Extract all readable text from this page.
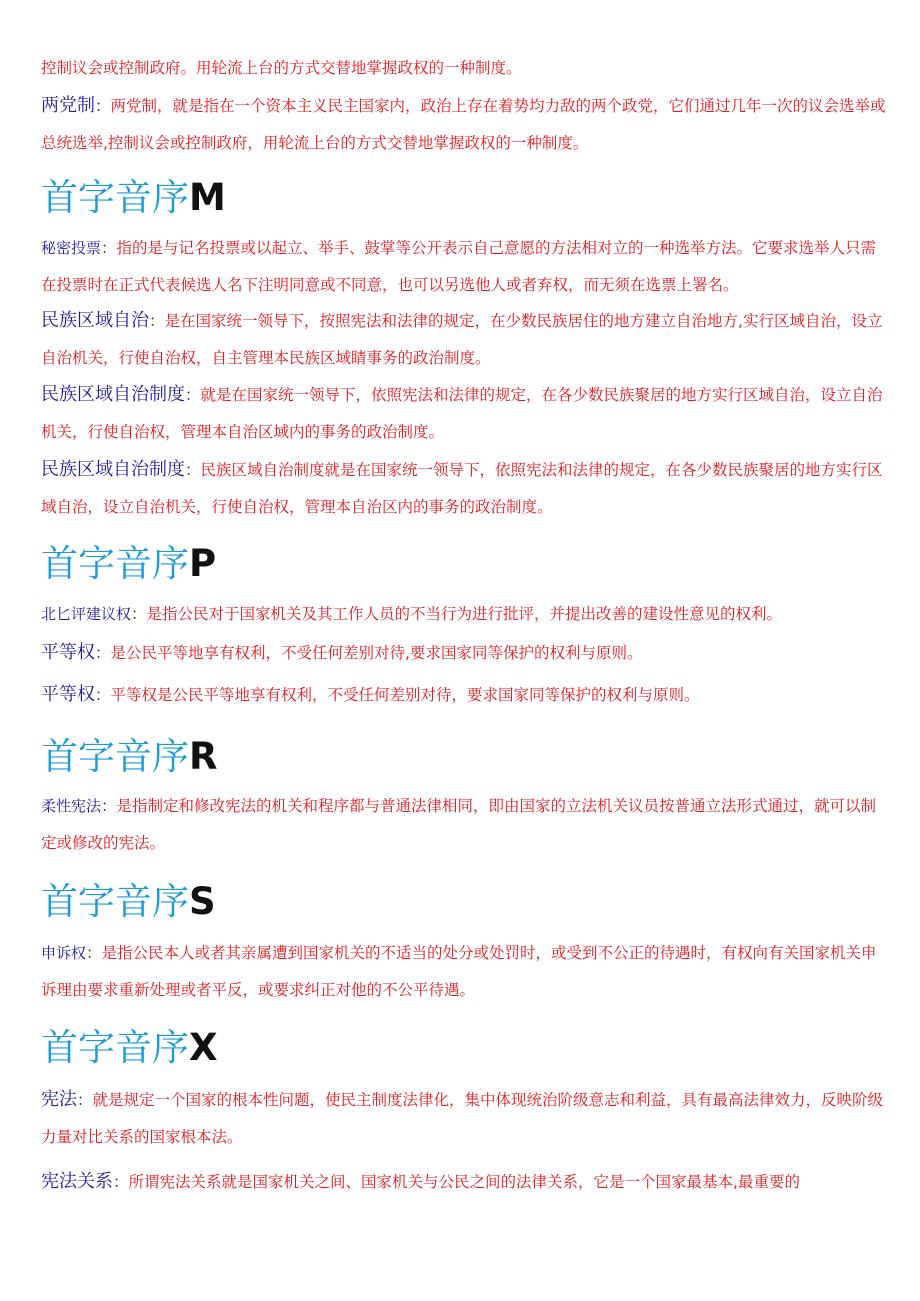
控制议会或控制政府。用轮流上台的方式交替地掌握政权的一种制度。

两党制：两党制，就是指在一个资本主义民主国家内，政治上存在着势均力敌的两个政党，它们通过几年一次的议会选举或总统选举,控制议会或控制政府，用轮流上台的方式交替地掌握政权的一种制度。

首字音序M

秘密投票：指的是与记名投票或以起立、举手、鼓掌等公开表示自己意愿的方法相对立的一种选举方法。它要求选举人只需在投票时在正式代表候选人名下注明同意或不同意，也可以另选他人或者弃权，而无须在选票上署名。

民族区域自治：是在国家统一领导下，按照宪法和法律的规定，在少数民族居住的地方建立自治地方,实行区域自治，设立自治机关，行使自治权，自主管理本民族区域睛事务的政治制度。

民族区域自治制度：就是在国家统一领导下，依照宪法和法律的规定，在各少数民族聚居的地方实行区域自治，设立自治机关，行使自治权，管理本自治区域内的事务的政治制度。

民族区域自治制度：民族区域自治制度就是在国家统一领导下，依照宪法和法律的规定，在各少数民族聚居的地方实行区域自治，设立自治机关，行使自治权，管理本自治区内的事务的政治制度。

首字音序P

北匕评建议权：是指公民对于国家机关及其工作人员的不当行为进行批评，并提出改善的建设性意见的权利。

平等权：是公民平等地享有权利，不受任何差别对待,要求国家同等保护的权利与原则。

平等权：平等权是公民平等地享有权利，不受任何差别对待，要求国家同等保护的权利与原则。

首字音序R

柔性宪法：是指制定和修改宪法的机关和程序都与普通法律相同，即由国家的立法机关议员按普通立法形式通过，就可以制定或修改的宪法。

首字音序S

申诉权：是指公民本人或者其亲属遭到国家机关的不适当的处分或处罚时，或受到不公正的待遇时，有权向有关国家机关申诉理由要求重新处理或者平反，或要求纠正对他的不公平待遇。

首字音序X

宪法：就是规定一个国家的根本性问题，使民主制度法律化，集中体现统治阶级意志和利益，具有最高法律效力，反映阶级力量对比关系的国家根本法。

宪法关系：所谓宪法关系就是国家机关之间、国家机关与公民之间的法律关系，它是一个国家最基本,最重要的
